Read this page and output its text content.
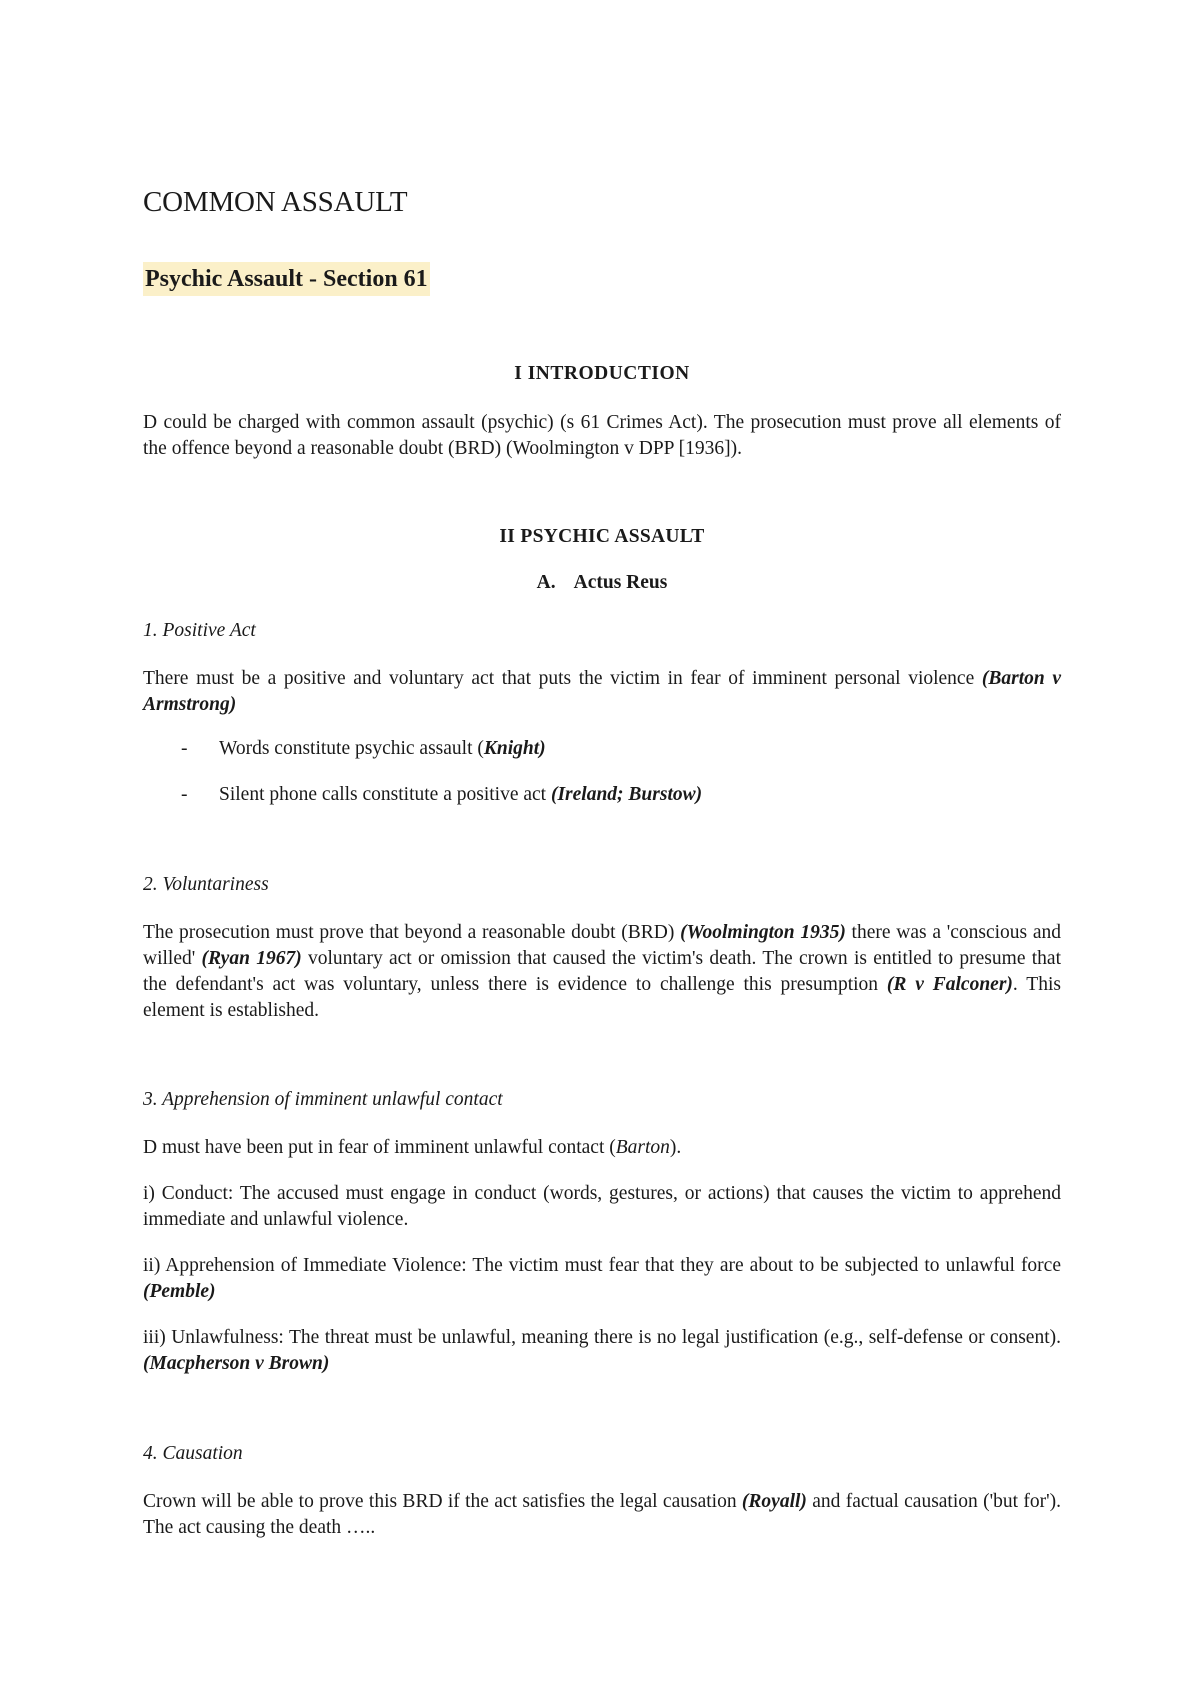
COMMON ASSAULT
Psychic Assault - Section 61
I INTRODUCTION

D could be charged with common assault (psychic) (s 61 Crimes Act). The prosecution must prove all elements of the offence beyond a reasonable doubt (BRD) (Woolmington v DPP [1936]).

II PSYCHIC ASSAULT
A. Actus Reus

1. Positive Act

There must be a positive and voluntary act that puts the victim in fear of imminent personal violence (Barton v Armstrong)

- Words constitute psychic assault (Knight)

- Silent phone calls constitute a positive act (Ireland; Burstow)

2. Voluntariness

The prosecution must prove that beyond a reasonable doubt (BRD) (Woolmington 1935) there was a 'conscious and willed' (Ryan 1967) voluntary act or omission that caused the victim's death. The crown is entitled to presume that the defendant's act was voluntary, unless there is evidence to challenge this presumption (R v Falconer). This element is established.

3. Apprehension of imminent unlawful contact

D must have been put in fear of imminent unlawful contact (Barton).

i) Conduct: The accused must engage in conduct (words, gestures, or actions) that causes the victim to apprehend immediate and unlawful violence.

ii) Apprehension of Immediate Violence: The victim must fear that they are about to be subjected to unlawful force (Pemble)

iii) Unlawfulness: The threat must be unlawful, meaning there is no legal justification (e.g., self-defense or consent). (Macpherson v Brown)

4. Causation

Crown will be able to prove this BRD if the act satisfies the legal causation (Royall) and factual causation ('but for'). The act causing the death …..
